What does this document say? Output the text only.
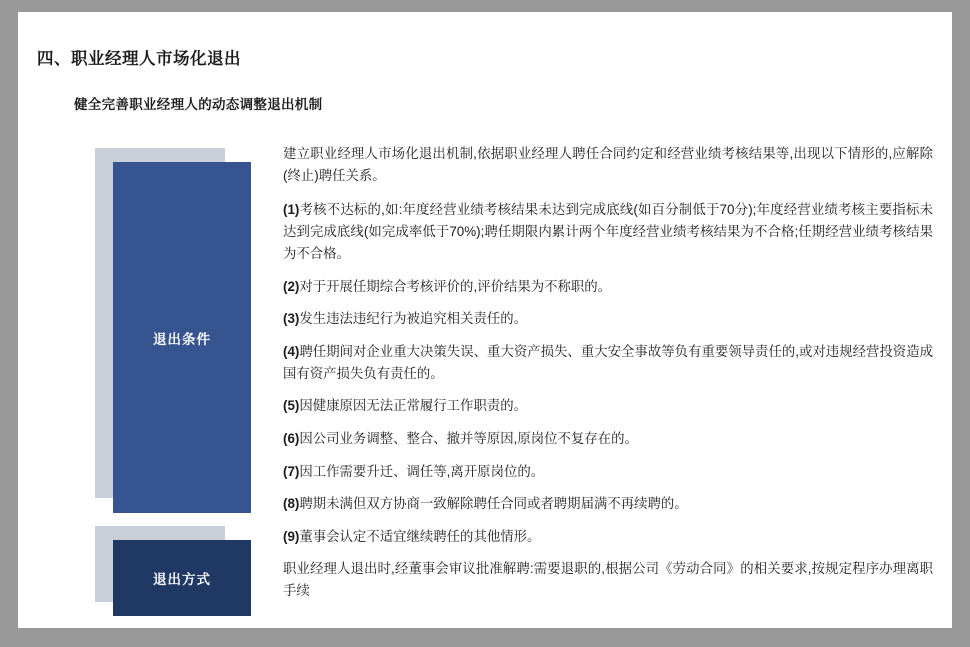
四、职业经理人市场化退出
健全完善职业经理人的动态调整退出机制
退出条件
退出方式
建立职业经理人市场化退出机制,依据职业经理人聘任合同约定和经营业绩考核结果等,出现以下情形的,应解除(终止)聘任关系。
(1)考核不达标的,如:年度经营业绩考核结果未达到完成底线(如百分制低于70分);年度经营业绩考核主要指标未达到完成底线(如完成率低于70%);聘任期限内累计两个年度经营业绩考核结果为不合格;任期经营业绩考核结果为不合格。
(2)对于开展任期综合考核评价的,评价结果为不称职的。
(3)发生违法违纪行为被追究相关责任的。
(4)聘任期间对企业重大决策失误、重大资产损失、重大安全事故等负有重要领导责任的,或对违规经营投资造成国有资产损失负有责任的。
(5)因健康原因无法正常履行工作职责的。
(6)因公司业务调整、整合、撤并等原因,原岗位不复存在的。
(7)因工作需要升迁、调任等,离开原岗位的。
(8)聘期未满但双方协商一致解除聘任合同或者聘期届满不再续聘的。
(9)董事会认定不适宜继续聘任的其他情形。
职业经理人退出时,经董事会审议批准解聘:需要退职的,根据公司《劳动合同》的相关要求,按规定程序办理离职手续
